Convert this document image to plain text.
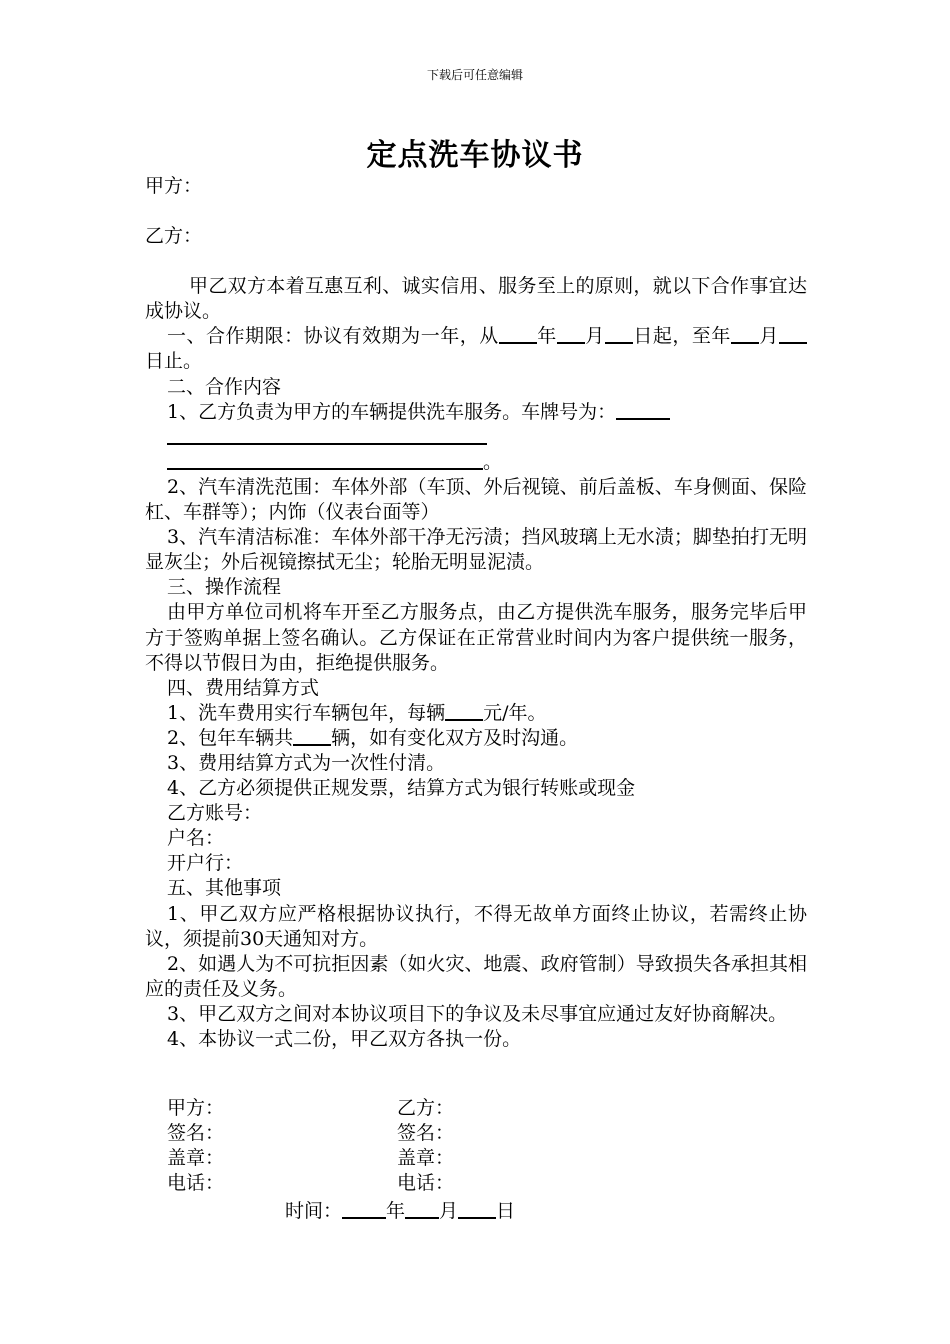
下载后可任意编辑
定点洗车协议书

甲方：

乙方：

甲乙双方本着互惠互利、诚实信用、服务至上的原则，就以下合作事宜达成协议。

一、合作期限：协议有效期为一年，从 年 月 日起，至年 月日止。

二、合作内容

1、乙方负责为甲方的车辆提供洗车服务。车牌号为：

。

2、汽车清洗范围：车体外部（车顶、外后视镜、前后盖板、车身侧面、保险杠、车群等）；内饰（仪表台面等）

3、汽车清洁标准：车体外部干净无污渍；挡风玻璃上无水渍；脚垫拍打无明显灰尘；外后视镜擦拭无尘；轮胎无明显泥渍。

三、操作流程

由甲方单位司机将车开至乙方服务点，由乙方提供洗车服务，服务完毕后甲方于签购单据上签名确认。乙方保证在正常营业时间内为客户提供统一服务，不得以节假日为由，拒绝提供服务。

四、费用结算方式

1、洗车费用实行车辆包年，每辆 元/年。

2、包年车辆共 辆，如有变化双方及时沟通。

3、费用结算方式为一次性付清。

4、乙方必须提供正规发票，结算方式为银行转账或现金

乙方账号：

户名：

开户行：

五、其他事项

1、甲乙双方应严格根据协议执行，不得无故单方面终止协议，若需终止协议，须提前30天通知对方。

2、如遇人为不可抗拒因素（如火灾、地震、政府管制）导致损失各承担其相应的责任及义务。

3、甲乙双方之间对本协议项目下的争议及未尽事宜应通过友好协商解决。

4、本协议一式二份，甲乙双方各执一份。

甲方：	乙方：
签名：	签名：
盖章：	盖章：
电话：	电话：
时间： 年 月 日
